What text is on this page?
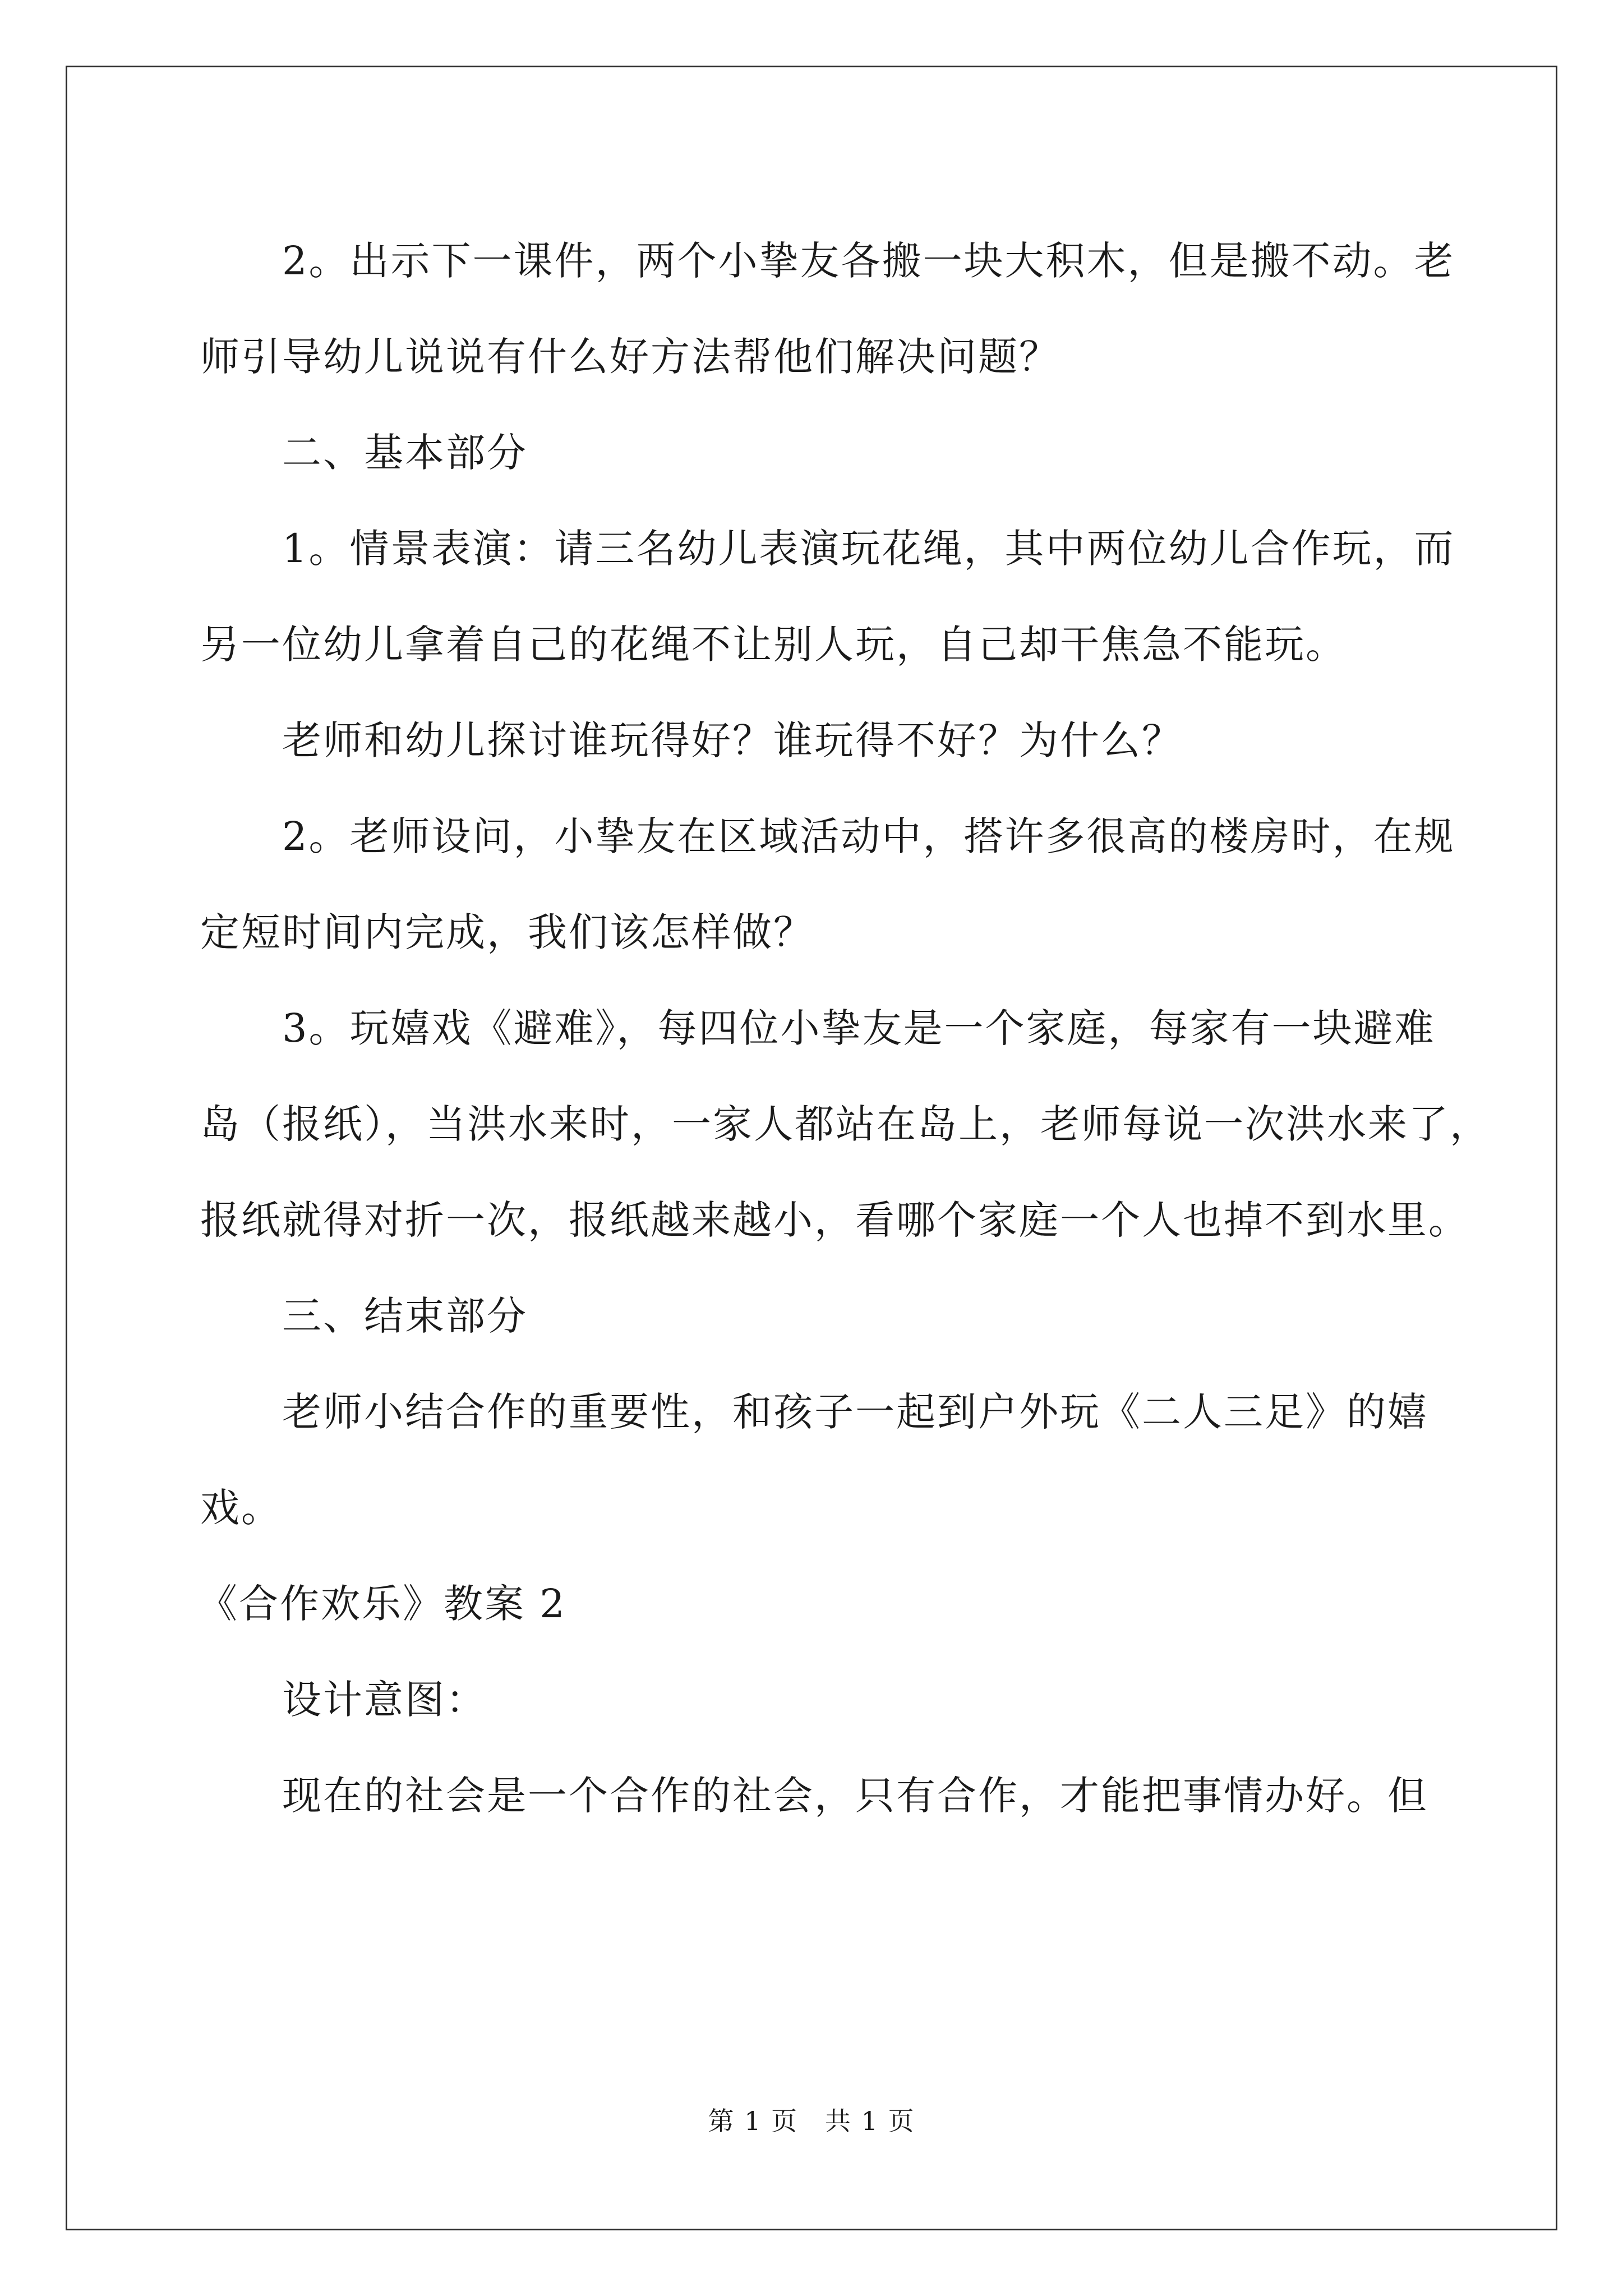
2。出示下一课件，两个小挚友各搬一块大积木，但是搬不动。老
师引导幼儿说说有什么好方法帮他们解决问题？

二、基本部分

1。情景表演：请三名幼儿表演玩花绳，其中两位幼儿合作玩，而
另一位幼儿拿着自己的花绳不让别人玩，自己却干焦急不能玩。

老师和幼儿探讨谁玩得好？谁玩得不好？为什么？

2。老师设问，小挚友在区域活动中，搭许多很高的楼房时，在规
定短时间内完成，我们该怎样做？

3。玩嬉戏《避难》，每四位小挚友是一个家庭，每家有一块避难
岛（报纸），当洪水来时，一家人都站在岛上，老师每说一次洪水来了，
报纸就得对折一次，报纸越来越小，看哪个家庭一个人也掉不到水里。

三、结束部分

老师小结合作的重要性，和孩子一起到户外玩《二人三足》的嬉
戏。

《合作欢乐》教案 2

设计意图：

现在的社会是一个合作的社会，只有合作，才能把事情办好。但

第 1 页　共 1 页
